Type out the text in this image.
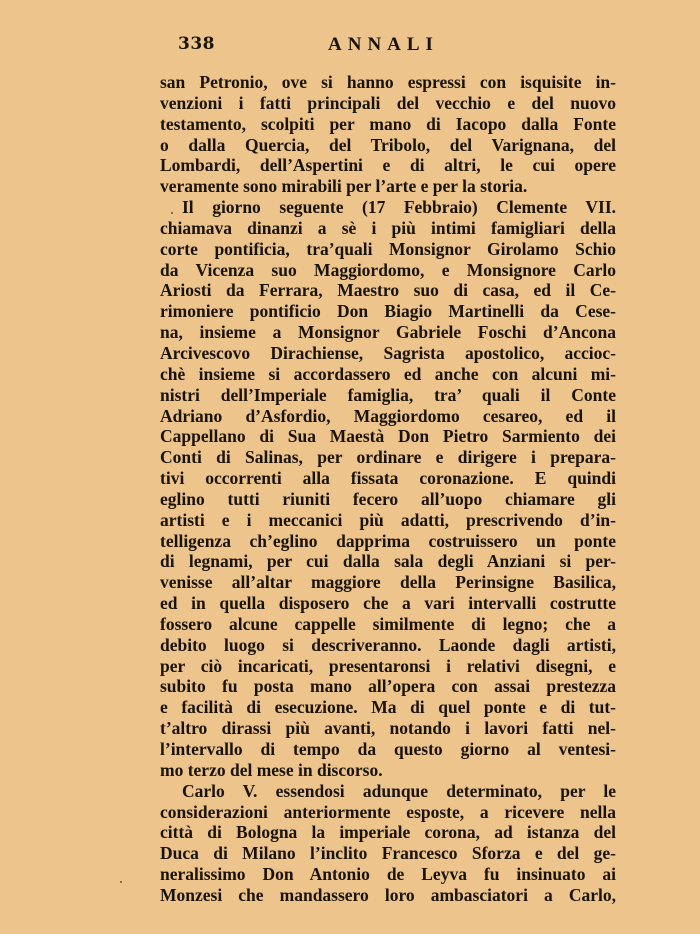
338	ANNALI
san Petronio, ove si hanno espressi con isquisite in-
venzioni i fatti principali del vecchio e del nuovo
testamento, scolpiti per mano di Iacopo dalla Fonte
o dalla Quercia, del Tribolo, del Varignana, del
Lombardi, dell’Aspertini e di altri, le cui opere
veramente sono mirabili per l’arte e per la storia.
Il giorno seguente (17 Febbraio) Clemente VII.
chiamava dinanzi a sè i più intimi famigliari della
corte pontificia, tra’quali Monsignor Girolamo Schio
da Vicenza suo Maggiordomo, e Monsignore Carlo
Ariosti da Ferrara, Maestro suo di casa, ed il Ce-
rimoniere pontificio Don Biagio Martinelli da Cese-
na, insieme a Monsignor Gabriele Foschi d’Ancona
Arcivescovo Dirachiense, Sagrista apostolico, accioc-
chè insieme si accordassero ed anche con alcuni mi-
nistri dell’Imperiale famiglia, tra’ quali il Conte
Adriano d’Asfordio, Maggiordomo cesareo, ed il
Cappellano di Sua Maestà Don Pietro Sarmiento dei
Conti di Salinas, per ordinare e dirigere i prepara-
tivi occorrenti alla fissata coronazione. E quindi
eglino tutti riuniti fecero all’uopo chiamare gli
artisti e i meccanici più adatti, prescrivendo d’in-
telligenza ch’eglino dapprima costruissero un ponte
di legnami, per cui dalla sala degli Anziani si per-
venisse all’altar maggiore della Perinsigne Basilica,
ed in quella disposero che a vari intervalli costrutte
fossero alcune cappelle similmente di legno; che a
debito luogo si descriveranno. Laonde dagli artisti,
per ciò incaricati, presentaronsi i relativi disegni, e
subito fu posta mano all’opera con assai prestezza
e facilità di esecuzione. Ma di quel ponte e di tut-
t’altro dirassi più avanti, notando i lavori fatti nel-
l’intervallo di tempo da questo giorno al ventesi-
mo terzo del mese in discorso.
Carlo V. essendosi adunque determinato, per le
considerazioni anteriormente esposte, a ricevere nella
città di Bologna la imperiale corona, ad istanza del
Duca di Milano l’inclito Francesco Sforza e del ge-
neralissimo Don Antonio de Leyva fu insinuato ai
Monzesi che mandassero loro ambasciatori a Carlo,
